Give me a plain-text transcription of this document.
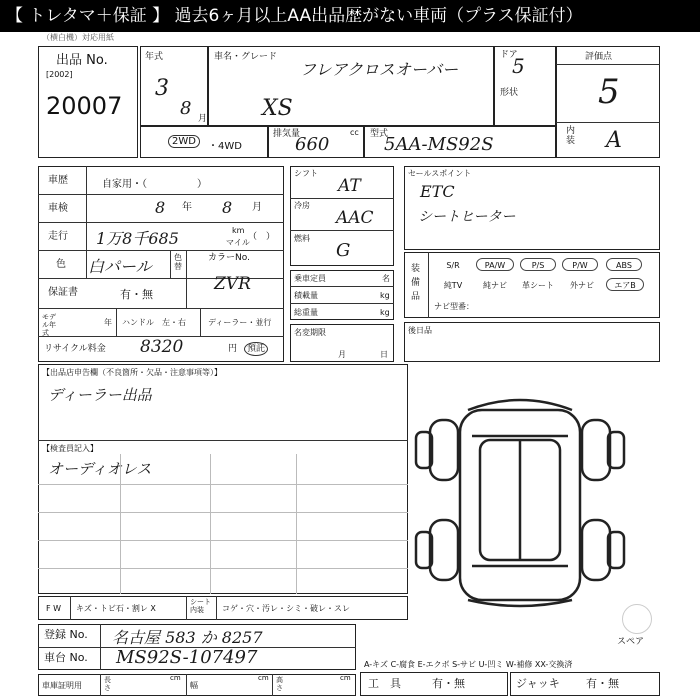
【 トレタマ＋保証 】 過去6ヶ月以上AA出品歴がない車両（プラス保証付）
（横白機）対応用紙
出品 No.
[2002]
20007
年式
3
8 月
車名・グレード
フレアクロスオーバー
XS
ドア
5
形状
評価点
5
内装 A
2WD	・4WD
排気量
660
cc 型式
5AA-MS92S
車歴	自家用・（　　　　　）
車検	8 年 8 月
走行 1万8千685	km
マイル
（　）
色 白パール	色替
カラーNo.
ZVR
保証書	有・無
モデル年式
年 ハンドル　左・右	ディーラー・並行
リサイクル料金 8320	円	預託
乗車定員	名
積載量	kg
総重量	kg
名変期限
月	日
シフト
AT
冷房
AAC
燃料
G
セールスポイント
ETC
シートヒーター
装備品
S/R	PA/W	P/S	P/W	ABS
純TV	純ナビ	革シート	外ナビ	エアB
ナビ型番：
後日品
【出品店申告欄（不良箇所・欠品・注意事項等）】
ディーラー出品
【検査員記入】
オーディオレス
スペア
F W キズ・トビ石・割レ X
シート内装	コゲ・穴・汚レ・シミ・破レ・スレ
登録 No. 名古屋 583 か 8257
車台 No. MS92S-107497
車庫証明用
長さ
cm
幅
cm 高さ
cm
A-キズ C-腐食 E-エクボ S-サビ U-凹ミ W-補修 XX-交換済
工　具	有・無	ジャッキ 有・無
